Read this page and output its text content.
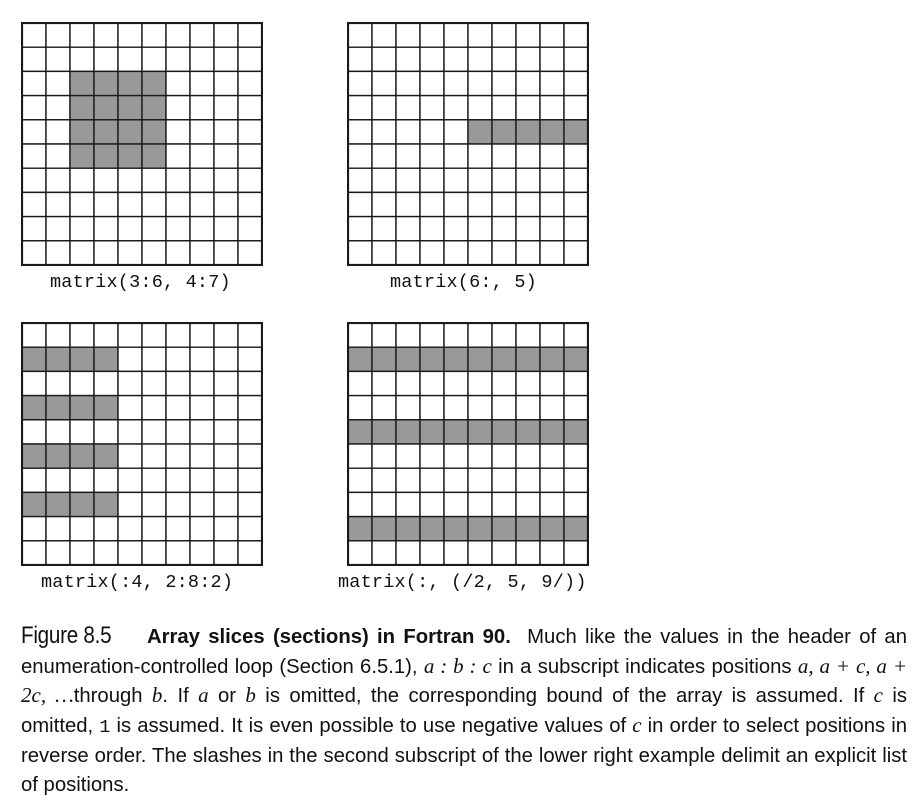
matrix(3:6, 4:7)	matrix(6:, 5)
matrix(:4, 2:8:2)	matrix(:, (/2, 5, 9/))
Figure 8.5 Array slices (sections) in Fortran 90. Much like the values in the header of an enumeration-controlled loop (Section 6.5.1), a : b : c in a subscript indicates positions a, a + c, a + 2c, …through b. If a or b is omitted, the corresponding bound of the array is assumed. If c is omitted, 1 is assumed. It is even possible to use negative values of c in order to select positions in reverse order. The slashes in the second subscript of the lower right example delimit an explicit list of positions.
